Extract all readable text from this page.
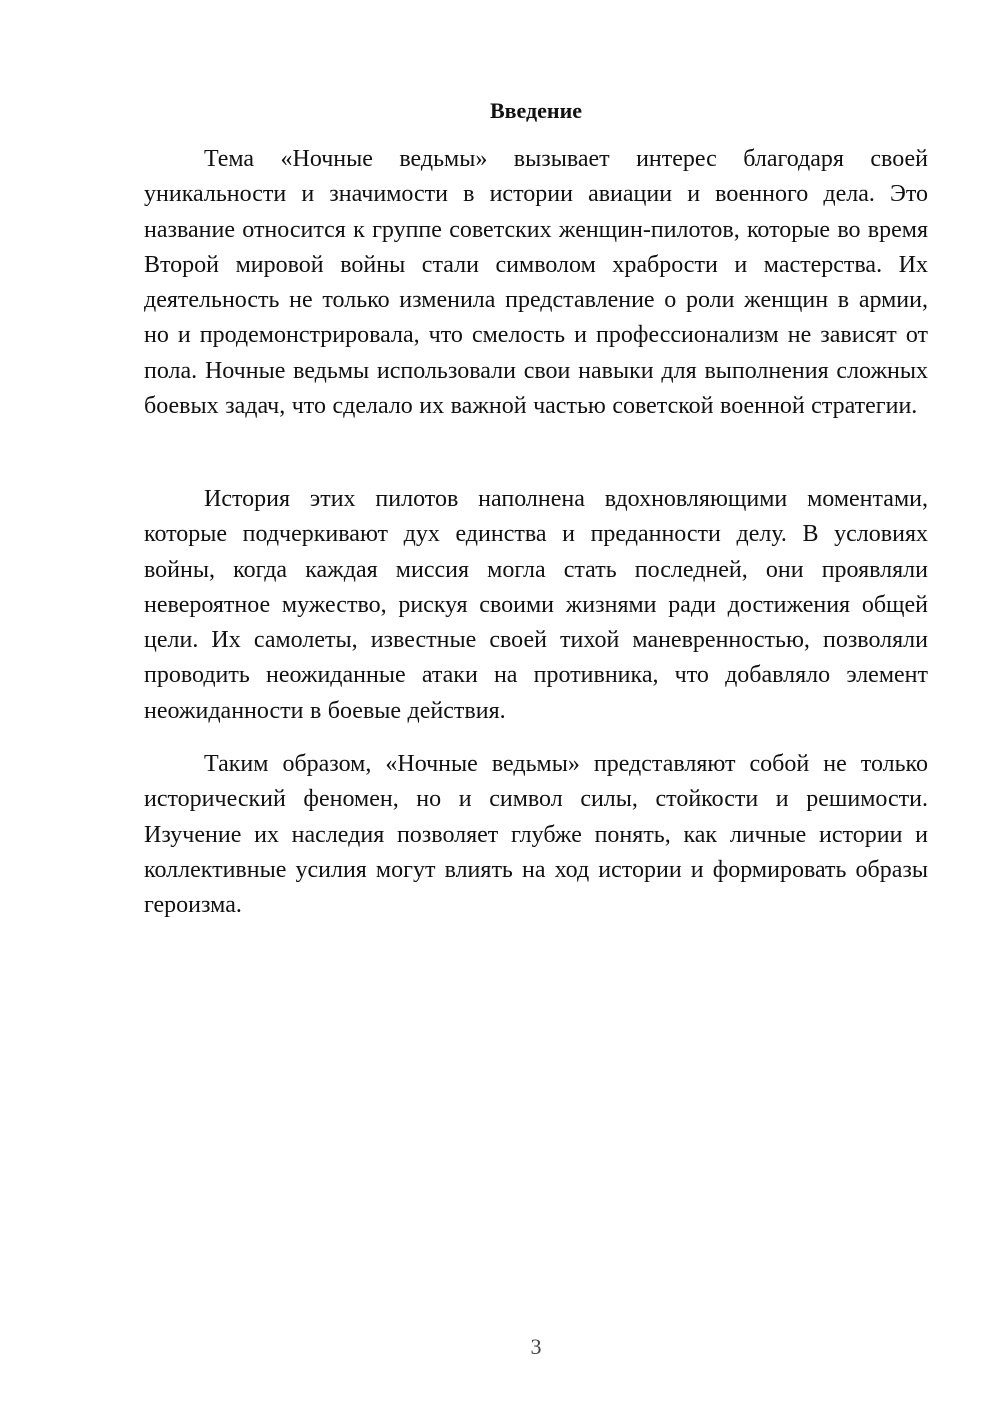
Введение

Тема «Ночные ведьмы» вызывает интерес благодаря своей уникальности и значимости в истории авиации и военного дела. Это название относится к группе советских женщин-пилотов, которые во время Второй мировой войны стали символом храбрости и мастерства. Их деятельность не только изменила представление о роли женщин в армии, но и продемонстрировала, что смелость и профессионализм не зависят от пола. Ночные ведьмы использовали свои навыки для выполнения сложных боевых задач, что сделало их важной частью советской военной стратегии.

История этих пилотов наполнена вдохновляющими моментами, которые подчеркивают дух единства и преданности делу. В условиях войны, когда каждая миссия могла стать последней, они проявляли невероятное мужество, рискуя своими жизнями ради достижения общей цели. Их самолеты, известные своей тихой маневренностью, позволяли проводить неожиданные атаки на противника, что добавляло элемент неожиданности в боевые действия.

Таким образом, «Ночные ведьмы» представляют собой не только исторический феномен, но и символ силы, стойкости и решимости. Изучение их наследия позволяет глубже понять, как личные истории и коллективные усилия могут влиять на ход истории и формировать образы героизма.

3
